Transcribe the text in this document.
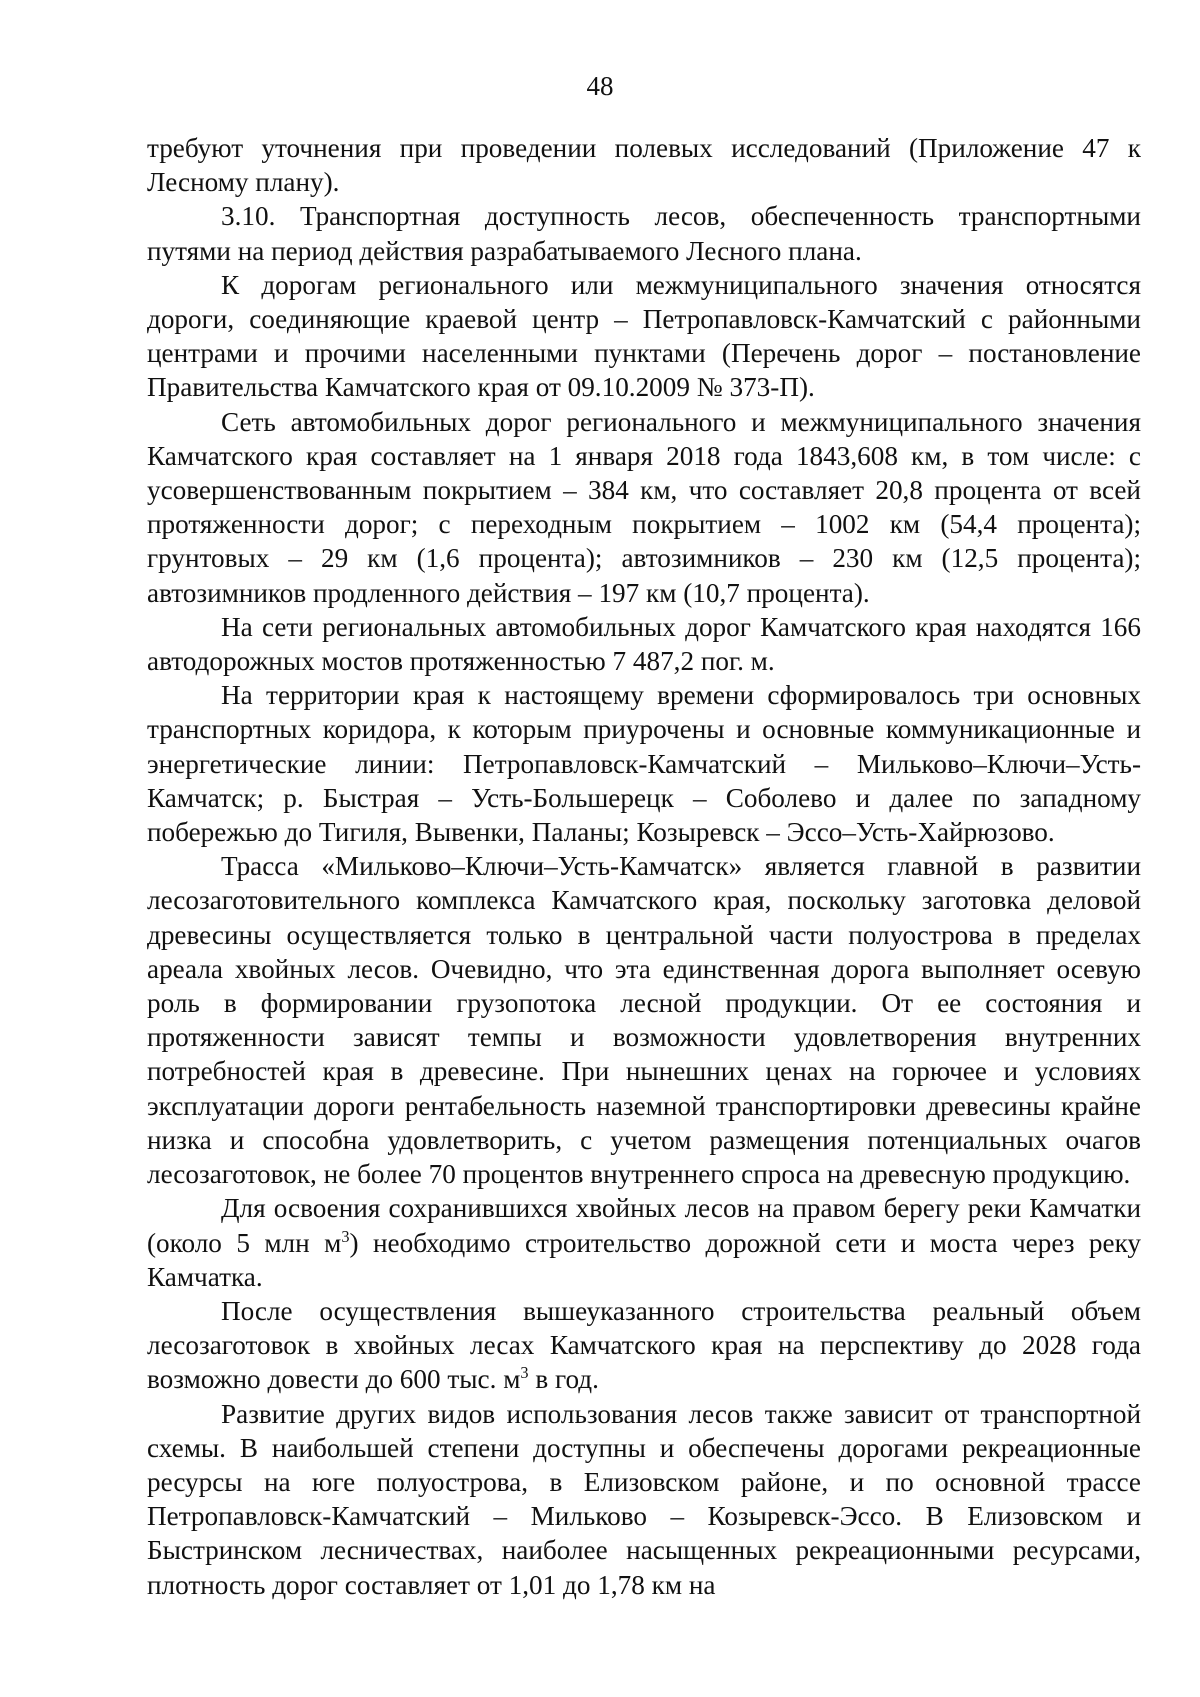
48

требуют уточнения при проведении полевых исследований (Приложение 47 к Лесному плану).

3.10. Транспортная доступность лесов, обеспеченность транспортными путями на период действия разрабатываемого Лесного плана.

К дорогам регионального или межмуниципального значения относятся дороги, соединяющие краевой центр – Петропавловск-Камчатский с районными центрами и прочими населенными пунктами (Перечень дорог – постановление Правительства Камчатского края от 09.10.2009 № 373-П).

Сеть автомобильных дорог регионального и межмуниципального значения Камчатского края составляет на 1 января 2018 года 1843,608 км, в том числе: с усовершенствованным покрытием – 384 км, что составляет 20,8 процента от всей протяженности дорог; с переходным покрытием – 1002 км (54,4 процента); грунтовых – 29 км (1,6 процента); автозимников – 230 км (12,5 процента); автозимников продленного действия – 197 км (10,7 процента).

На сети региональных автомобильных дорог Камчатского края находятся 166 автодорожных мостов протяженностью 7 487,2 пог. м.

На территории края к настоящему времени сформировалось три основных транспортных коридора, к которым приурочены и основные коммуникационные и энергетические линии: Петропавловск-Камчатский – Мильково–Ключи–Усть-Камчатск; р. Быстрая – Усть-Большерецк – Соболево и далее по западному побережью до Тигиля, Вывенки, Паланы; Козыревск – Эссо–Усть-Хайрюзово.

Трасса «Мильково–Ключи–Усть-Камчатск» является главной в развитии лесозаготовительного комплекса Камчатского края, поскольку заготовка деловой древесины осуществляется только в центральной части полуострова в пределах ареала хвойных лесов. Очевидно, что эта единственная дорога выполняет осевую роль в формировании грузопотока лесной продукции. От ее состояния и протяженности зависят темпы и возможности удовлетворения внутренних потребностей края в древесине. При нынешних ценах на горючее и условиях эксплуатации дороги рентабельность наземной транспортировки древесины крайне низка и способна удовлетворить, с учетом размещения потенциальных очагов лесозаготовок, не более 70 процентов внутреннего спроса на древесную продукцию.

Для освоения сохранившихся хвойных лесов на правом берегу реки Камчатки (около 5 млн $м^3$) необходимо строительство дорожной сети и моста через реку Камчатка.

После осуществления вышеуказанного строительства реальный объем лесозаготовок в хвойных лесах Камчатского края на перспективу до 2028 года возможно довести до 600 тыс. $м^3$ в год.

Развитие других видов использования лесов также зависит от транспортной схемы. В наибольшей степени доступны и обеспечены дорогами рекреационные ресурсы на юге полуострова, в Елизовском районе, и по основной трассе Петропавловск-Камчатский – Мильково – Козыревск-Эссо. В Елизовском и Быстринском лесничествах, наиболее насыщенных рекреационными ресурсами, плотность дорог составляет от 1,01 до 1,78 км на
